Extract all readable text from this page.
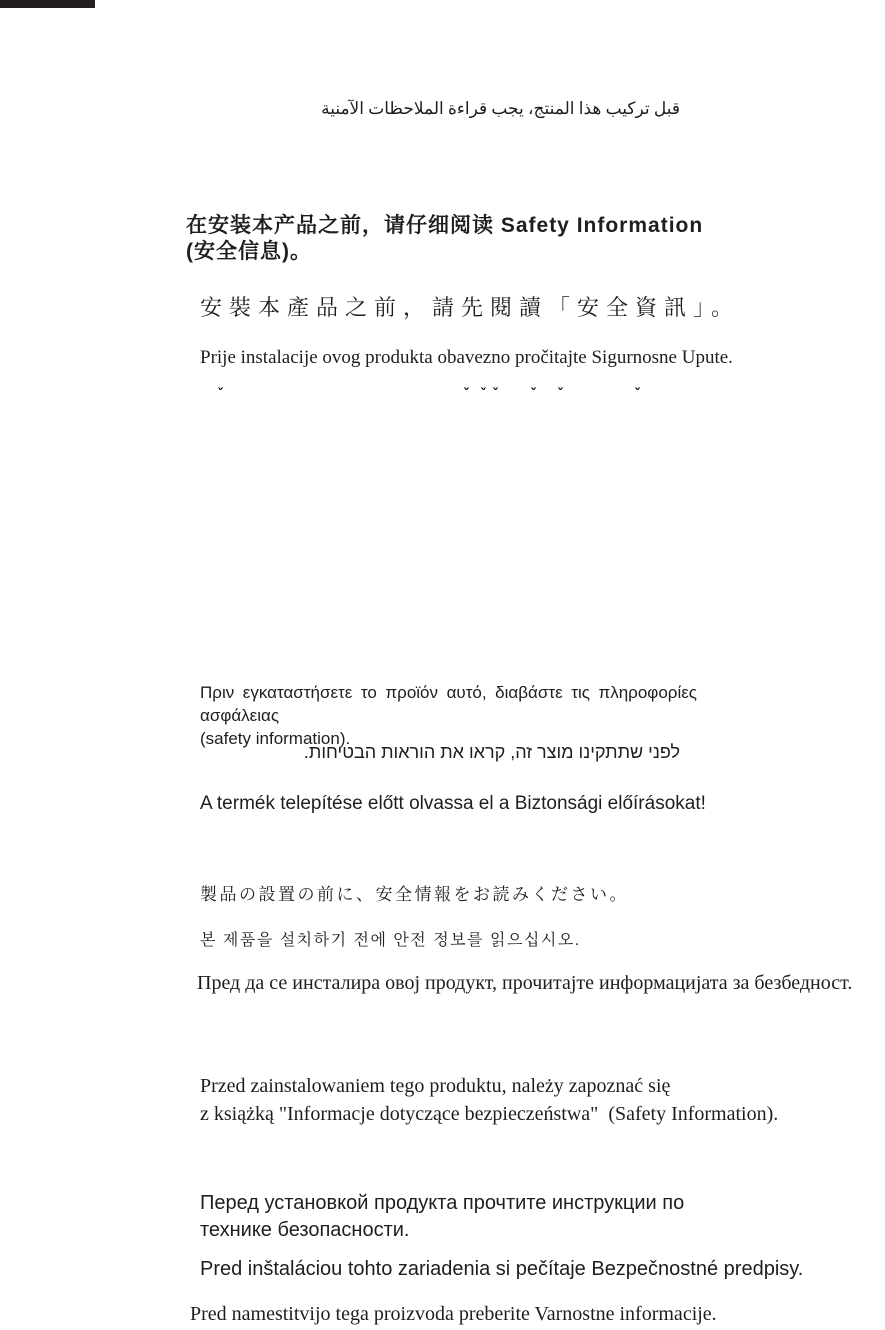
قبل تركيب هذا المنتج، يجب قراءة الملاحظات الآمنية
在安装本产品之前，请仔细阅读 Safety Information
(安全信息)。
安裝本產品之前，請先閱讀「安全資訊」。
Prije instalacije ovog produkta obavezno pročitajte Sigurnosne Upute.
ˇ	ˇ ˇ ˇ ˇ ˇ	ˇ
Πριν εγκαταστήσετε το προϊόν αυτό, διαβάστε τις πληροφορίες ασφάλειας
(safety information).
לפני שתתקינו מוצר זה, קראו את הוראות הבטיחות.
A termék telepítése előtt olvassa el a Biztonsági előírásokat!
製品の設置の前に、安全情報をお読みください。
본 제품을 설치하기 전에 안전 정보를 읽으십시오.
Пред да се инсталира овој продукт, прочитајте информацијата за безбедност.
Przed zainstalowaniem tego produktu, należy zapoznać się
z książką "Informacje dotyczące bezpieczeństwa"  (Safety Information).
Перед установкой продукта прочтите инструкции по
технике безопасности.
Pred inštaláciou tohto zariadenia si pečítaje Bezpečnostné predpisy.
Pred namestitvijo tega proizvoda preberite Varnostne informacije.
